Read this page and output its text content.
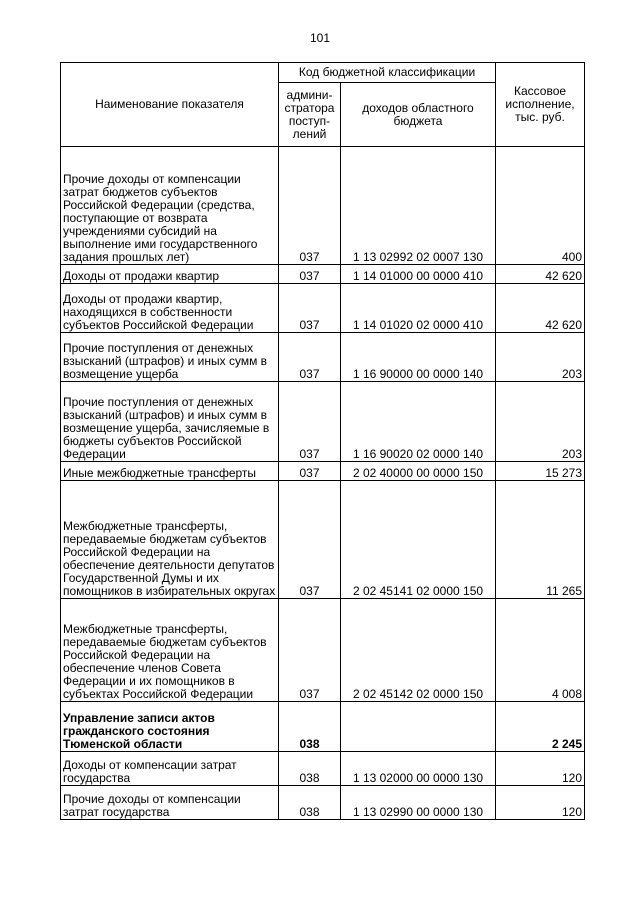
101
Наименование показателя	Код бюджетной классификации		Кассовое исполнение, тыс. руб.
	админи-стратора поступ-лений	доходов областного бюджета	
Прочие доходы от компенсации затрат бюджетов субъектов Российской Федерации (средства, поступающие от возврата учреждениями субсидий на выполнение ими государственного задания прошлых лет)	037	1 13 02992 02 0007 130	400
Доходы от продажи квартир	037	1 14 01000 00 0000 410	42 620
Доходы от продажи квартир, находящихся в собственности субъектов Российской Федерации	037	1 14 01020 02 0000 410	42 620
Прочие поступления от денежных взысканий (штрафов) и иных сумм в возмещение ущерба	037	1 16 90000 00 0000 140	203
Прочие поступления от денежных взысканий (штрафов) и иных сумм в возмещение ущерба, зачисляемые в бюджеты субъектов Российской Федерации	037	1 16 90020 02 0000 140	203
Иные межбюджетные трансферты	037	2 02 40000 00 0000 150	15 273
Межбюджетные трансферты, передаваемые бюджетам субъектов Российской Федерации на обеспечение деятельности депутатов Государственной Думы и их помощников в избирательных округах	037	2 02 45141 02 0000 150	11 265
Межбюджетные трансферты, передаваемые бюджетам субъектов Российской Федерации на обеспечение членов Совета Федерации и их помощников в субъектах Российской Федерации	037	2 02 45142 02 0000 150	4 008
Управление записи актов гражданского состояния Тюменской области	038		2 245
Доходы от компенсации затрат государства	038	1 13 02000 00 0000 130	120
Прочие доходы от компенсации затрат государства	038	1 13 02990 00 0000 130	120
